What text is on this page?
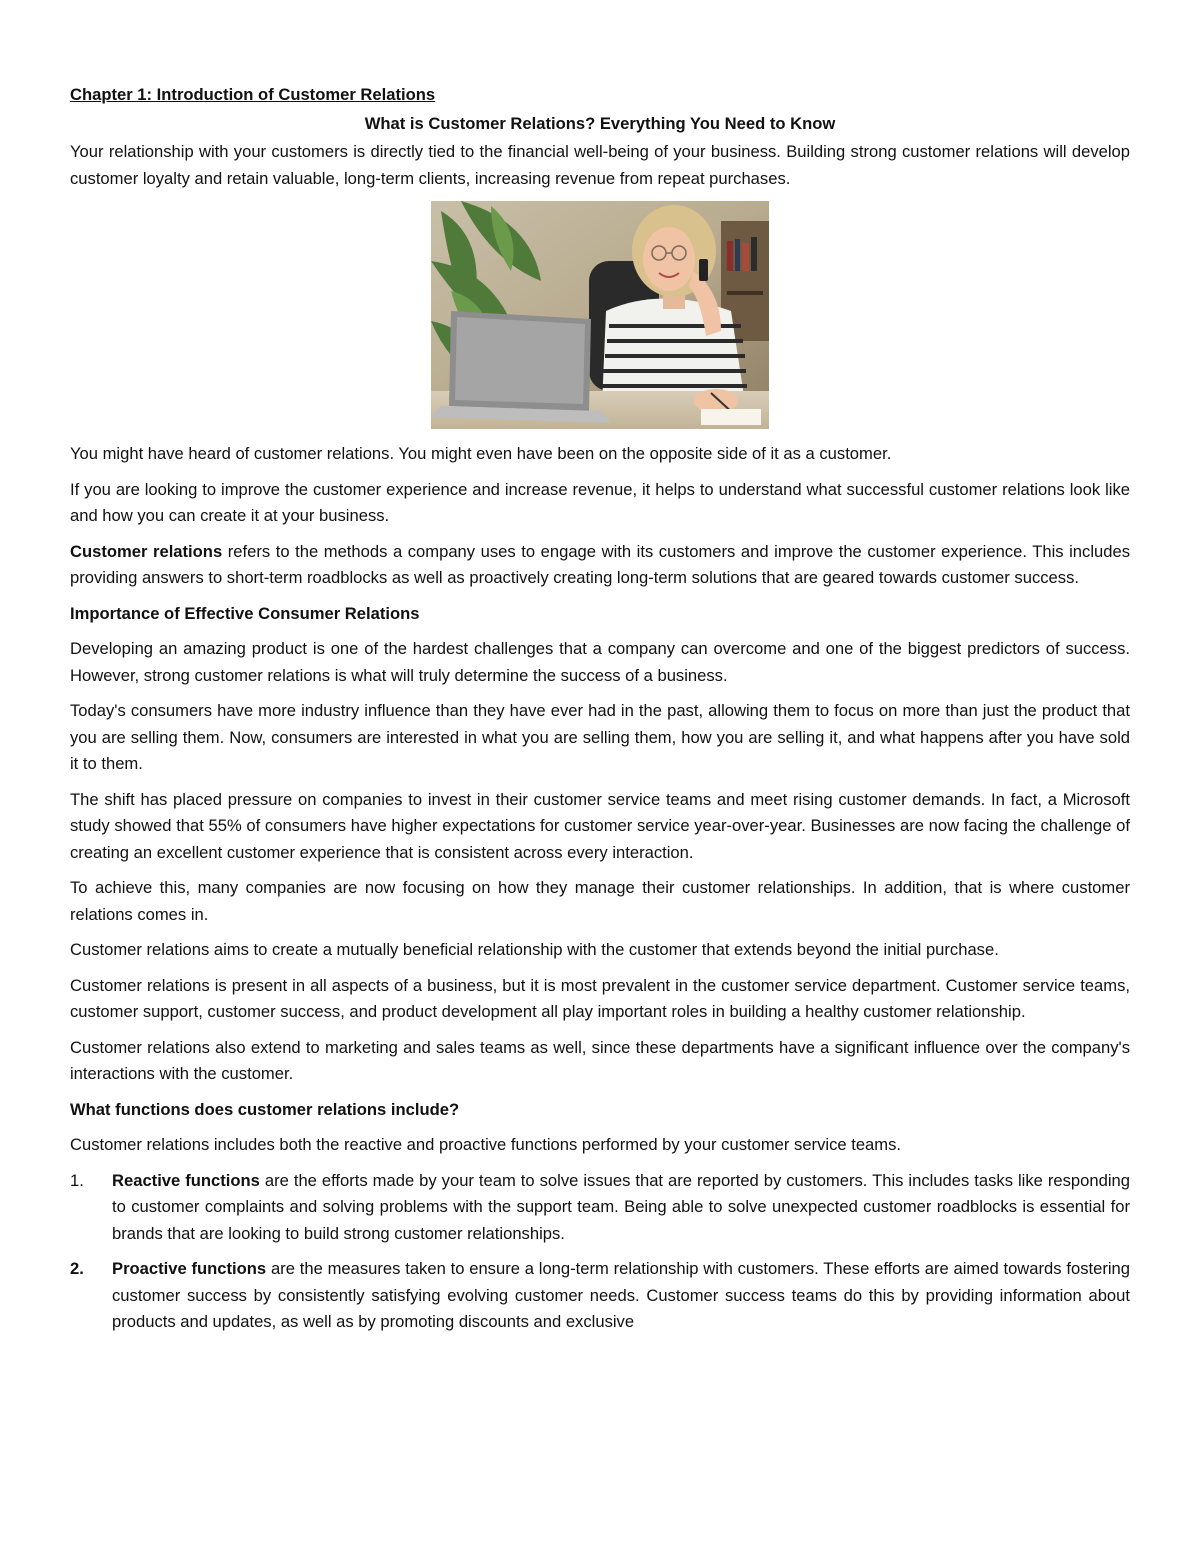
Chapter 1: Introduction of Customer Relations
What is Customer Relations? Everything You Need to Know

Your relationship with your customers is directly tied to the financial well-being of your business. Building strong customer relations will develop customer loyalty and retain valuable, long-term clients, increasing revenue from repeat purchases.

You might have heard of customer relations. You might even have been on the opposite side of it as a customer.

If you are looking to improve the customer experience and increase revenue, it helps to understand what successful customer relations look like and how you can create it at your business.

Customer relations refers to the methods a company uses to engage with its customers and improve the customer experience. This includes providing answers to short-term roadblocks as well as proactively creating long-term solutions that are geared towards customer success.

Importance of Effective Consumer Relations

Developing an amazing product is one of the hardest challenges that a company can overcome and one of the biggest predictors of success. However, strong customer relations is what will truly determine the success of a business.

Today's consumers have more industry influence than they have ever had in the past, allowing them to focus on more than just the product that you are selling them. Now, consumers are interested in what you are selling them, how you are selling it, and what happens after you have sold it to them.

The shift has placed pressure on companies to invest in their customer service teams and meet rising customer demands. In fact, a Microsoft study showed that 55% of consumers have higher expectations for customer service year-over-year. Businesses are now facing the challenge of creating an excellent customer experience that is consistent across every interaction.

To achieve this, many companies are now focusing on how they manage their customer relationships. In addition, that is where customer relations comes in.

Customer relations aims to create a mutually beneficial relationship with the customer that extends beyond the initial purchase.

Customer relations is present in all aspects of a business, but it is most prevalent in the customer service department. Customer service teams, customer support, customer success, and product development all play important roles in building a healthy customer relationship.

Customer relations also extend to marketing and sales teams as well, since these departments have a significant influence over the company's interactions with the customer.

What functions does customer relations include?

Customer relations includes both the reactive and proactive functions performed by your customer service teams.

1.	Reactive functions are the efforts made by your team to solve issues that are reported by customers. This includes tasks like responding to customer complaints and solving problems with the support team. Being able to solve unexpected customer roadblocks is essential for brands that are looking to build strong customer relationships.
2.	Proactive functions are the measures taken to ensure a long-term relationship with customers. These efforts are aimed towards fostering customer success by consistently satisfying evolving customer needs. Customer success teams do this by providing information about products and updates, as well as by promoting discounts and exclusive
